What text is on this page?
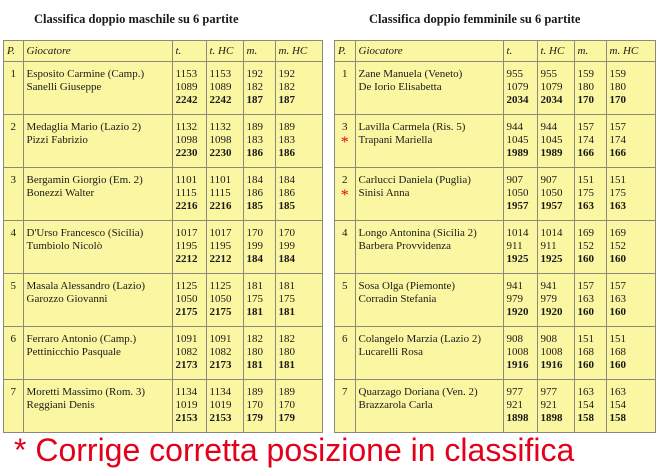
Classifica doppio maschile su 6 partite	Classifica doppio femminile su 6 partite
P.	Giocatore	t.	t. HC	m.	m. HC

1	Esposito Carmine (Camp.)
Sanelli Giuseppe	1153
1089
2242	1153
1089
2242	192
182
187	192
182
187

2	Medaglia Mario (Lazio 2)
Pizzi Fabrizio	1132
1098
2230	1132
1098
2230	189
183
186	189
183
186

3	Bergamin Giorgio (Em. 2)
Bonezzi Walter	1101
1115
2216	1101
1115
2216	184
186
185	184
186
185

4	D'Urso Francesco (Sicilia)
Tumbiolo Nicolò	1017
1195
2212	1017
1195
2212	170
199
184	170
199
184

5	Masala Alessandro (Lazio)
Garozzo Giovanni	1125
1050
2175	1125
1050
2175	181
175
181	181
175
181

6	Ferraro Antonio (Camp.)
Pettinicchio Pasquale	1091
1082
2173	1091
1082
2173	182
180
181	182
180
181

7	Moretti Massimo (Rom. 3)
Reggiani Denis	1134
1019
2153	1134
1019
2153	189
170
179	189
170
179
P.	Giocatore	t.	t. HC	m.	m. HC

1	Zane Manuela (Veneto)
De Iorio Elisabetta	955
1079
2034	955
1079
2034	159
180
170	159
180
170

3
*	Lavilla Carmela (Ris. 5)
Trapani Mariella	944
1045
1989	944
1045
1989	157
174
166	157
174
166

2
*	Carlucci Daniela (Puglia)
Sinisi Anna	907
1050
1957	907
1050
1957	151
175
163	151
175
163

4	Longo Antonina (Sicilia 2)
Barbera Provvidenza	1014
911
1925	1014
911
1925	169
152
160	169
152
160

5	Sosa Olga (Piemonte)
Corradin Stefania	941
979
1920	941
979
1920	157
163
160	157
163
160

6	Colangelo Marzia (Lazio 2)
Lucarelli Rosa	908
1008
1916	908
1008
1916	151
168
160	151
168
160

7	Quarzago Doriana (Ven. 2)
Brazzarola Carla	977
921
1898	977
921
1898	163
154
158	163
154
158
* Corrige corretta posizione in classifica
